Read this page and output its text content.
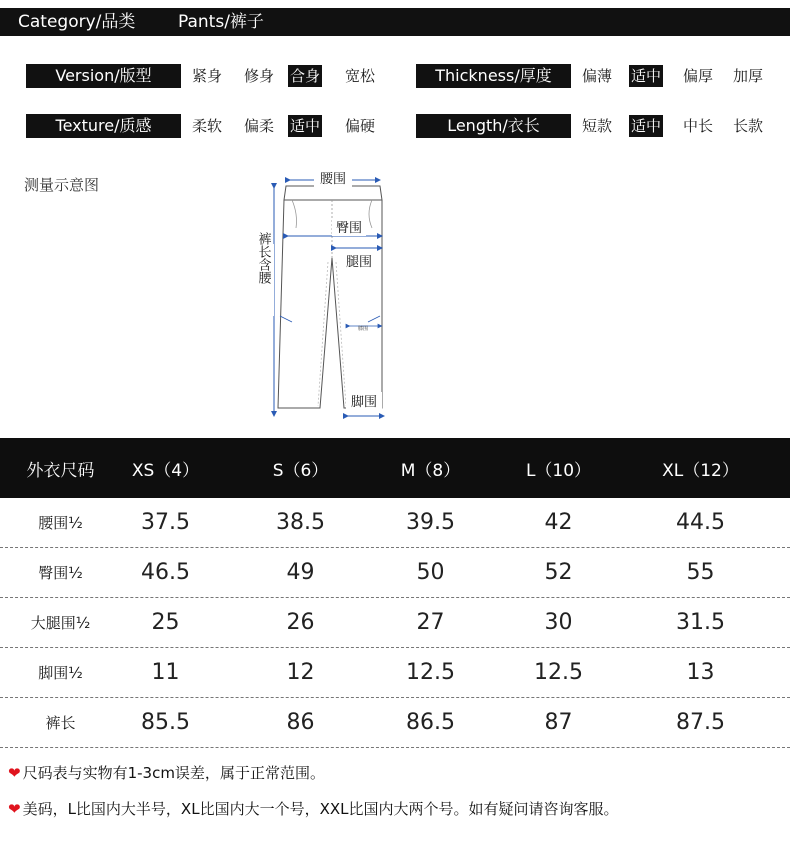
Category/品类	Pants/裤子
Version/版型	紧身 修身 合身 宽松	Thickness/厚度	偏薄 适中 偏厚 加厚
Texture/质感	柔软 偏柔 适中 偏硬	Length/衣长	短款 适中 中长 长款
测量示意图	腰围
臀围
腿围
膝围
裤长含腰
脚围
外衣尺码	XS（4）	S（6）	M（8）	L（10）	XL（12）
腰围½	37.5	38.5	39.5	42	44.5
臀围½	46.5	49	50	52	55
大腿围½	25	26	27	30	31.5
脚围½	11	12	12.5	12.5	13
裤长	85.5	86	86.5	87	87.5
❤ 尺码表与实物有1-3cm误差，属于正常范围。
❤ 美码，L比国内大半号，XL比国内大一个号，XXL比国内大两个号。如有疑问请咨询客服。
